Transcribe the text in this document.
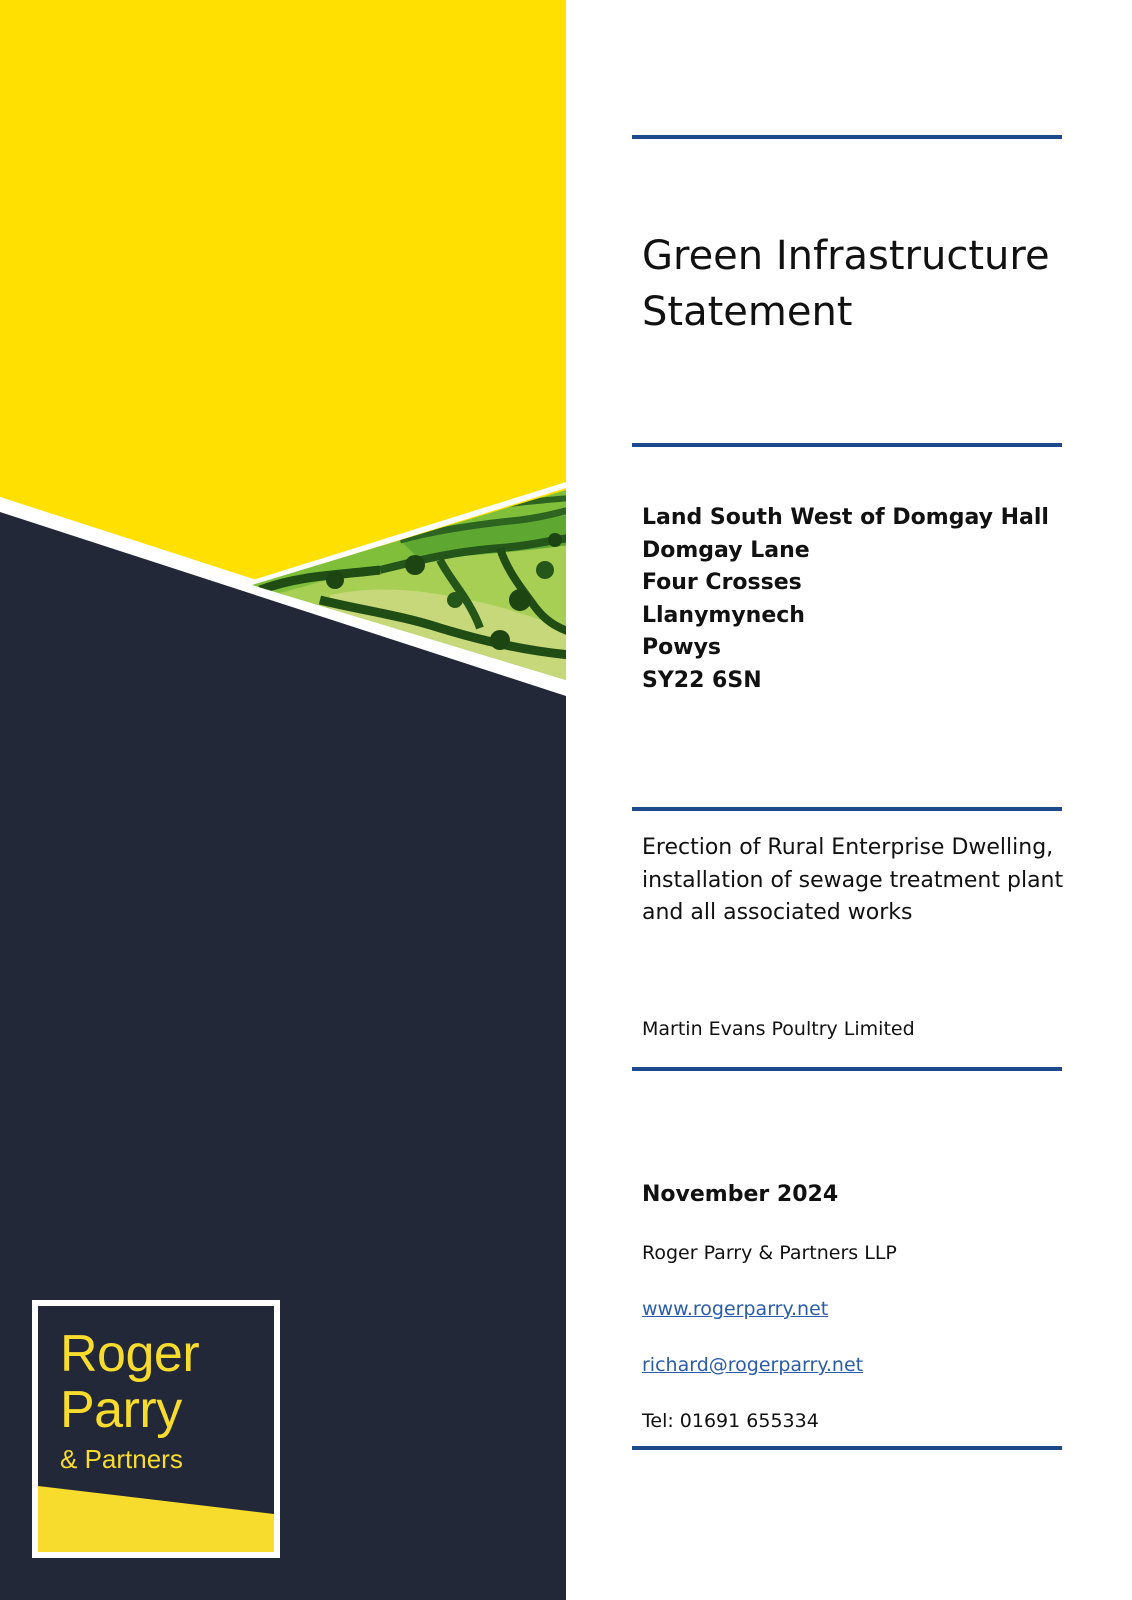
Roger
Parry
& Partners
Green Infrastructure
Statement
Land South West of Domgay Hall
Domgay Lane
Four Crosses
Llanymynech
Powys
SY22 6SN
Erection of Rural Enterprise Dwelling, installation of sewage treatment plant and all associated works
Martin Evans Poultry Limited
November 2024
Roger Parry & Partners LLP
www.rogerparry.net
richard@rogerparry.net
Tel: 01691 655334
